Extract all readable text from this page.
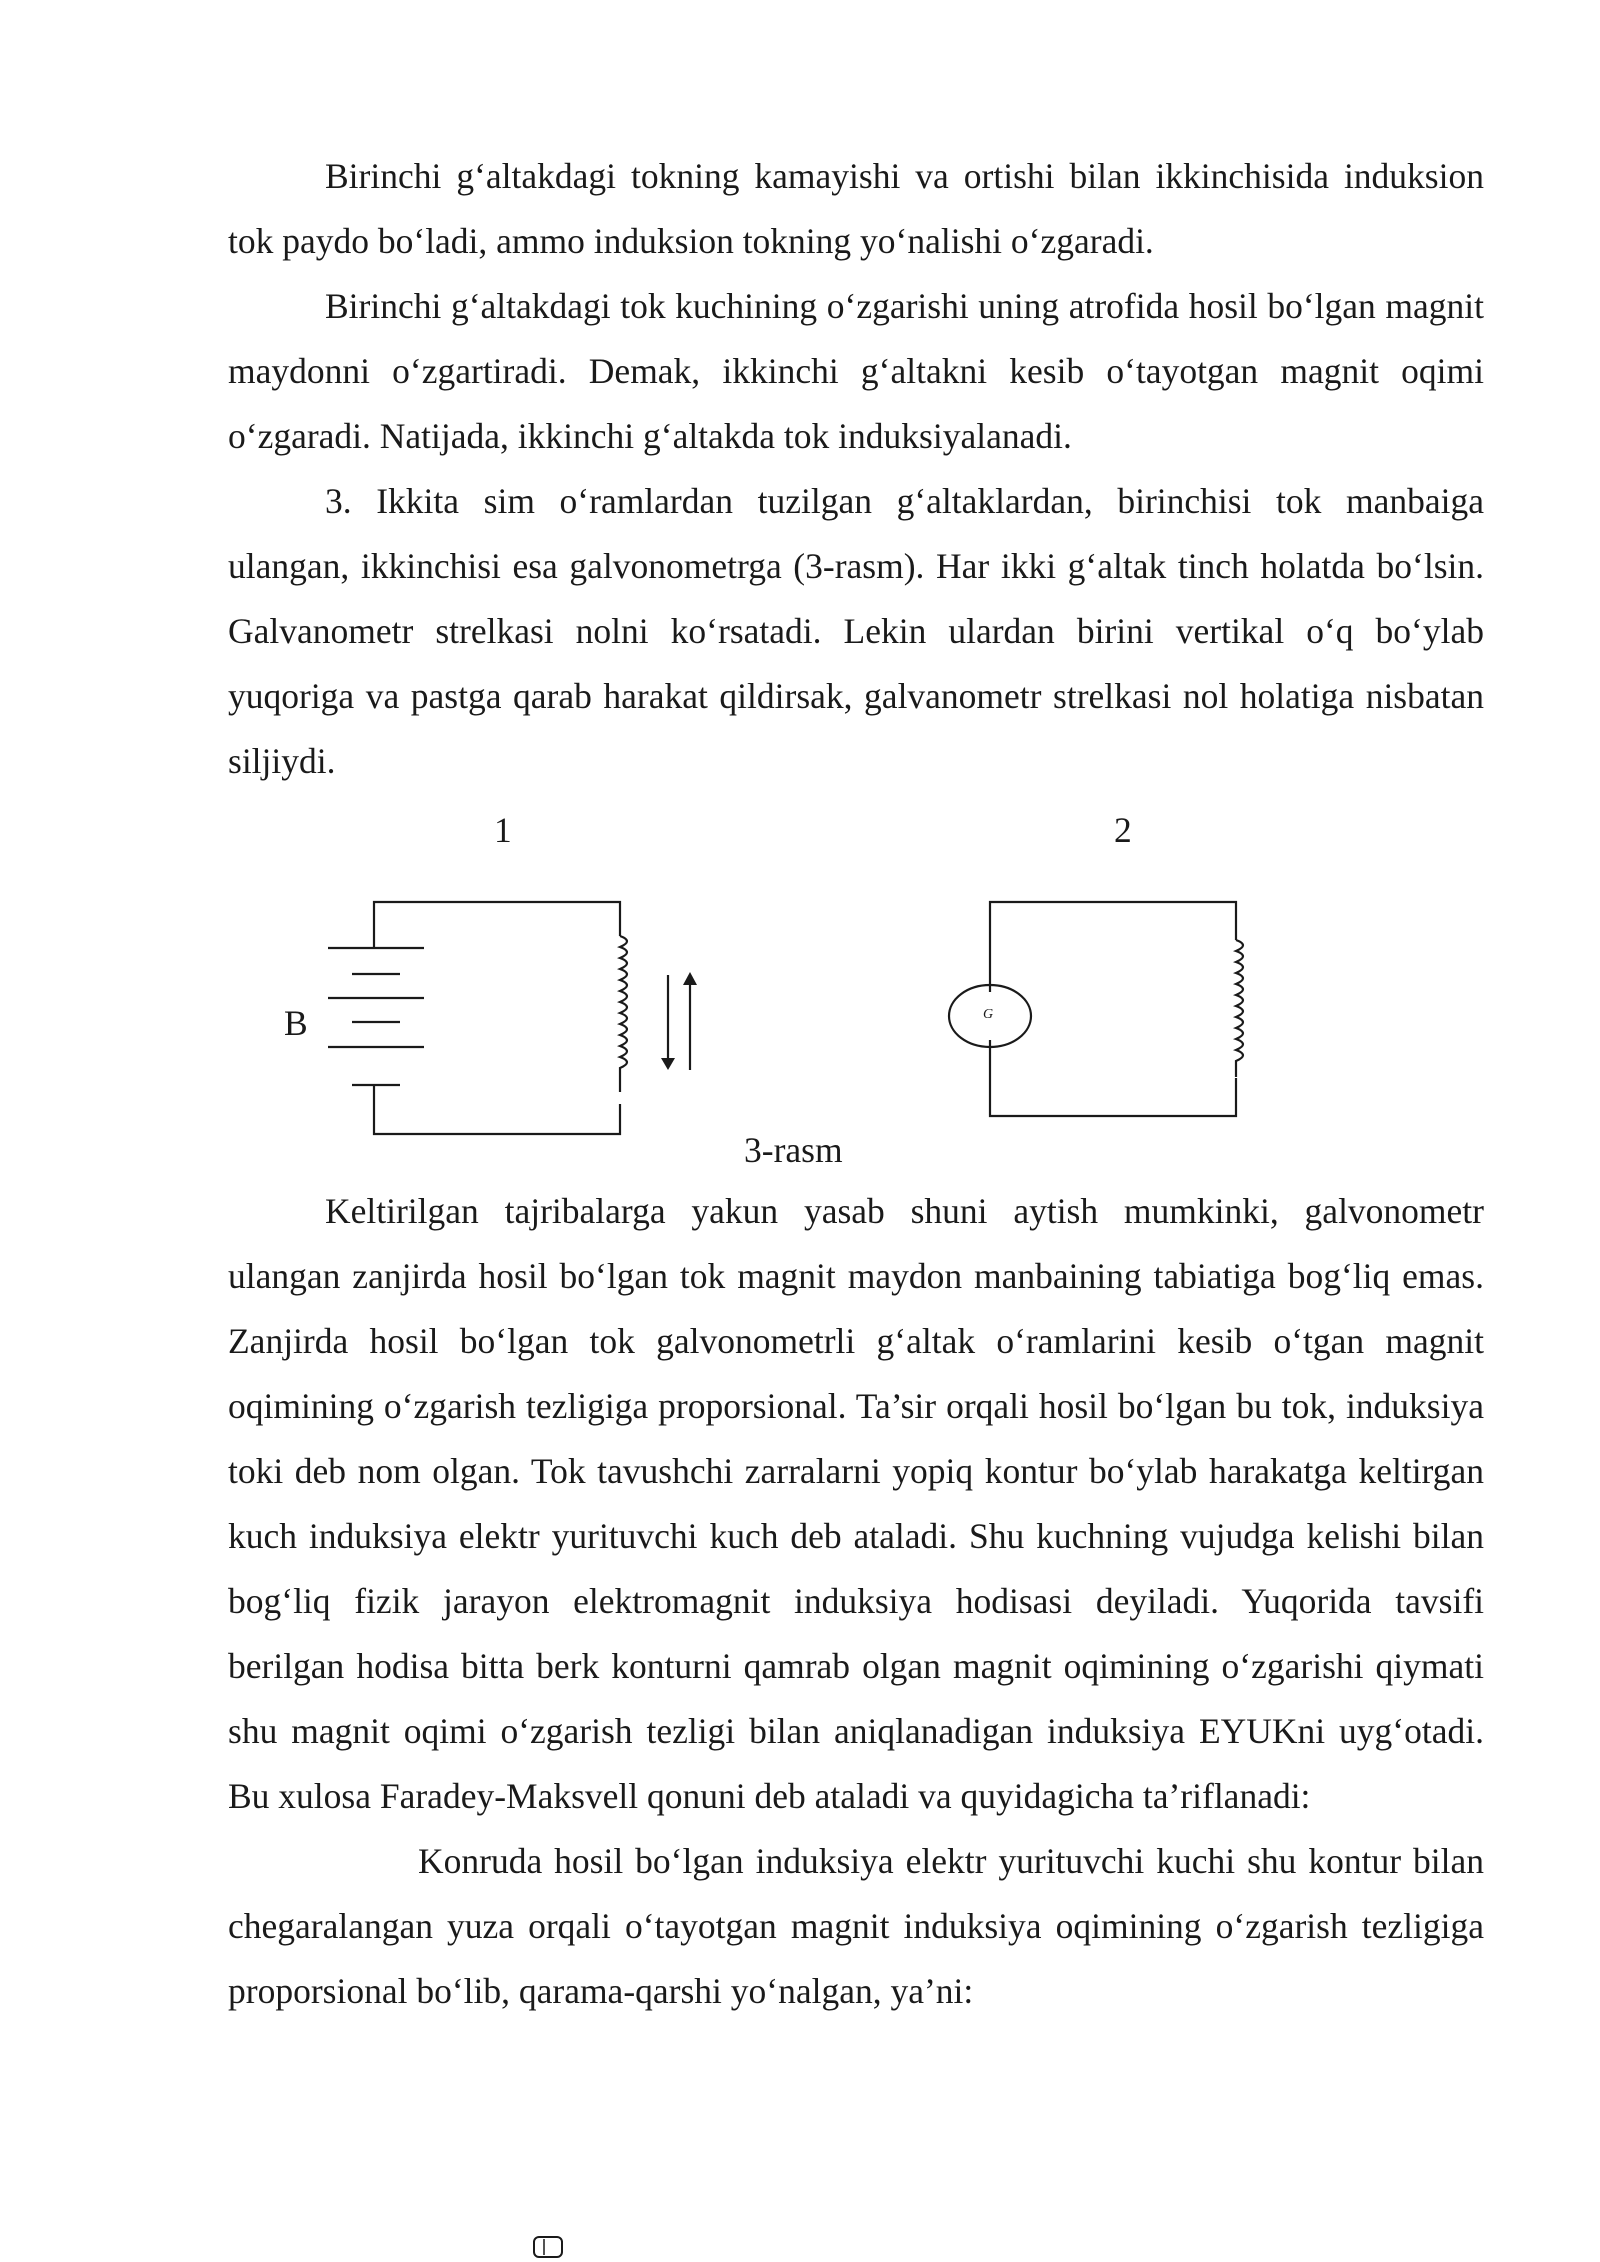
Birinchi g‘altakdagi tokning kamayishi va ortishi bilan ikkinchisida induksion tok paydo bo‘ladi, ammo induksion tokning yo‘nalishi o‘zgaradi.

Birinchi g‘altakdagi tok kuchining o‘zgarishi uning atrofida hosil bo‘lgan magnit maydonni o‘zgartiradi. Demak, ikkinchi g‘altakni kesib o‘tayotgan magnit oqimi o‘zgaradi. Natijada, ikkinchi g‘altakda tok induksiyalanadi.

3. Ikkita sim o‘ramlardan tuzilgan g‘altaklardan, birinchisi tok manbaiga ulangan, ikkinchisi esa galvonometrga (3-rasm). Har ikki g‘altak tinch holatda bo‘lsin. Galvanometr strelkasi nolni ko‘rsatadi. Lekin ulardan birini vertikal o‘q bo‘ylab yuqoriga va pastga qarab harakat qildirsak, galvanometr strelkasi nol holatiga nisbatan siljiydi.

1	2
B	G
3-rasm

Keltirilgan tajribalarga yakun yasab shuni aytish mumkinki, galvonometr ulangan zanjirda hosil bo‘lgan tok magnit maydon manbaining tabiatiga bog‘liq emas. Zanjirda hosil bo‘lgan tok galvonometrli g‘altak o‘ramlarini kesib o‘tgan magnit oqimining o‘zgarish tezligiga proporsional. Ta’sir orqali hosil bo‘lgan bu tok, induksiya toki deb nom olgan. Tok tavushchi zarralarni yopiq kontur bo‘ylab harakatga keltirgan kuch induksiya elektr yurituvchi kuch deb ataladi. Shu kuchning vujudga kelishi bilan bog‘liq fizik jarayon elektromagnit induksiya hodisasi deyiladi. Yuqorida tavsifi berilgan hodisa bitta berk konturni qamrab olgan magnit oqimining o‘zgarishi qiymati shu magnit oqimi o‘zgarish tezligi bilan aniqlanadigan induksiya EYUKni uyg‘otadi. Bu xulosa Faradey-Maksvell qonuni deb ataladi va quyidagicha ta’riflanadi:

Konruda hosil bo‘lgan induksiya elektr yurituvchi kuchi shu kontur bilan chegaralangan yuza orqali o‘tayotgan magnit induksiya oqimining o‘zgarish tezligiga proporsional bo‘lib, qarama-qarshi yo‘nalgan, ya’ni:
